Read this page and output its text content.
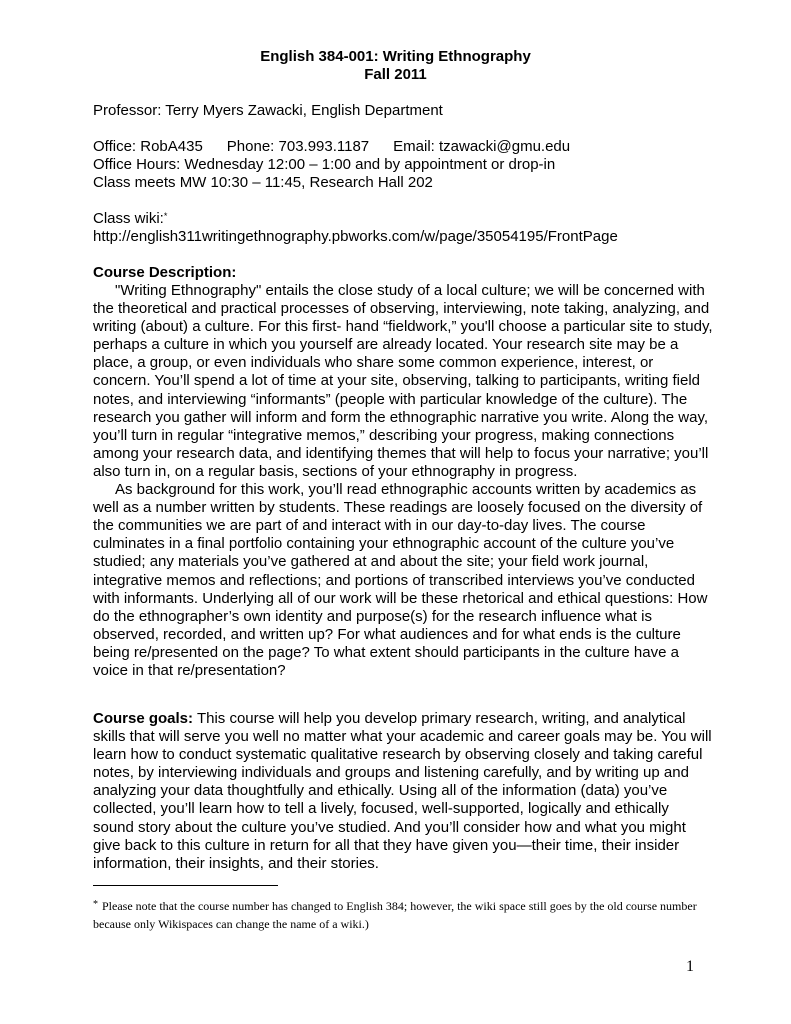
English 384-001: Writing Ethnography
Fall 2011
Professor: Terry Myers Zawacki, English Department
Office: RobA435 Phone: 703.993.1187 Email: tzawacki@gmu.edu
Office Hours: Wednesday 12:00 – 1:00 and by appointment or drop-in
Class meets MW 10:30 – 11:45, Research Hall 202
Class wiki:*
http://english311writingethnography.pbworks.com/w/page/35054195/FrontPage
Course Description:

"Writing Ethnography" entails the close study of a local culture; we will be concerned with the theoretical and practical processes of observing, interviewing, note taking, analyzing, and writing (about) a culture. For this first- hand “fieldwork,” you'll choose a particular site to study, perhaps a culture in which you yourself are already located. Your research site may be a place, a group, or even individuals who share some common experience, interest, or concern. You’ll spend a lot of time at your site, observing, talking to participants, writing field notes, and interviewing “informants” (people with particular knowledge of the culture). The research you gather will inform and form the ethnographic narrative you write. Along the way, you’ll turn in regular “integrative memos,” describing your progress, making connections among your research data, and identifying themes that will help to focus your narrative; you’ll also turn in, on a regular basis, sections of your ethnography in progress.

As background for this work, you’ll read ethnographic accounts written by academics as well as a number written by students. These readings are loosely focused on the diversity of the communities we are part of and interact with in our day-to-day lives. The course culminates in a final portfolio containing your ethnographic account of the culture you’ve studied; any materials you’ve gathered at and about the site; your field work journal, integrative memos and reflections; and portions of transcribed interviews you’ve conducted with informants. Underlying all of our work will be these rhetorical and ethical questions: How do the ethnographer’s own identity and purpose(s) for the research influence what is observed, recorded, and written up? For what audiences and for what ends is the culture being re/presented on the page? To what extent should participants in the culture have a voice in that re/presentation?

Course goals: This course will help you develop primary research, writing, and analytical skills that will serve you well no matter what your academic and career goals may be. You will learn how to conduct systematic qualitative research by observing closely and taking careful notes, by interviewing individuals and groups and listening carefully, and by writing up and analyzing your data thoughtfully and ethically. Using all of the information (data) you’ve collected, you’ll learn how to tell a lively, focused, well-supported, logically and ethically sound story about the culture you’ve studied. And you’ll consider how and what you might give back to this culture in return for all that they have given you—their time, their insider information, their insights, and their stories.
* Please note that the course number has changed to English 384; however, the wiki space still goes by the old course number because only Wikispaces can change the name of a wiki.)
1
